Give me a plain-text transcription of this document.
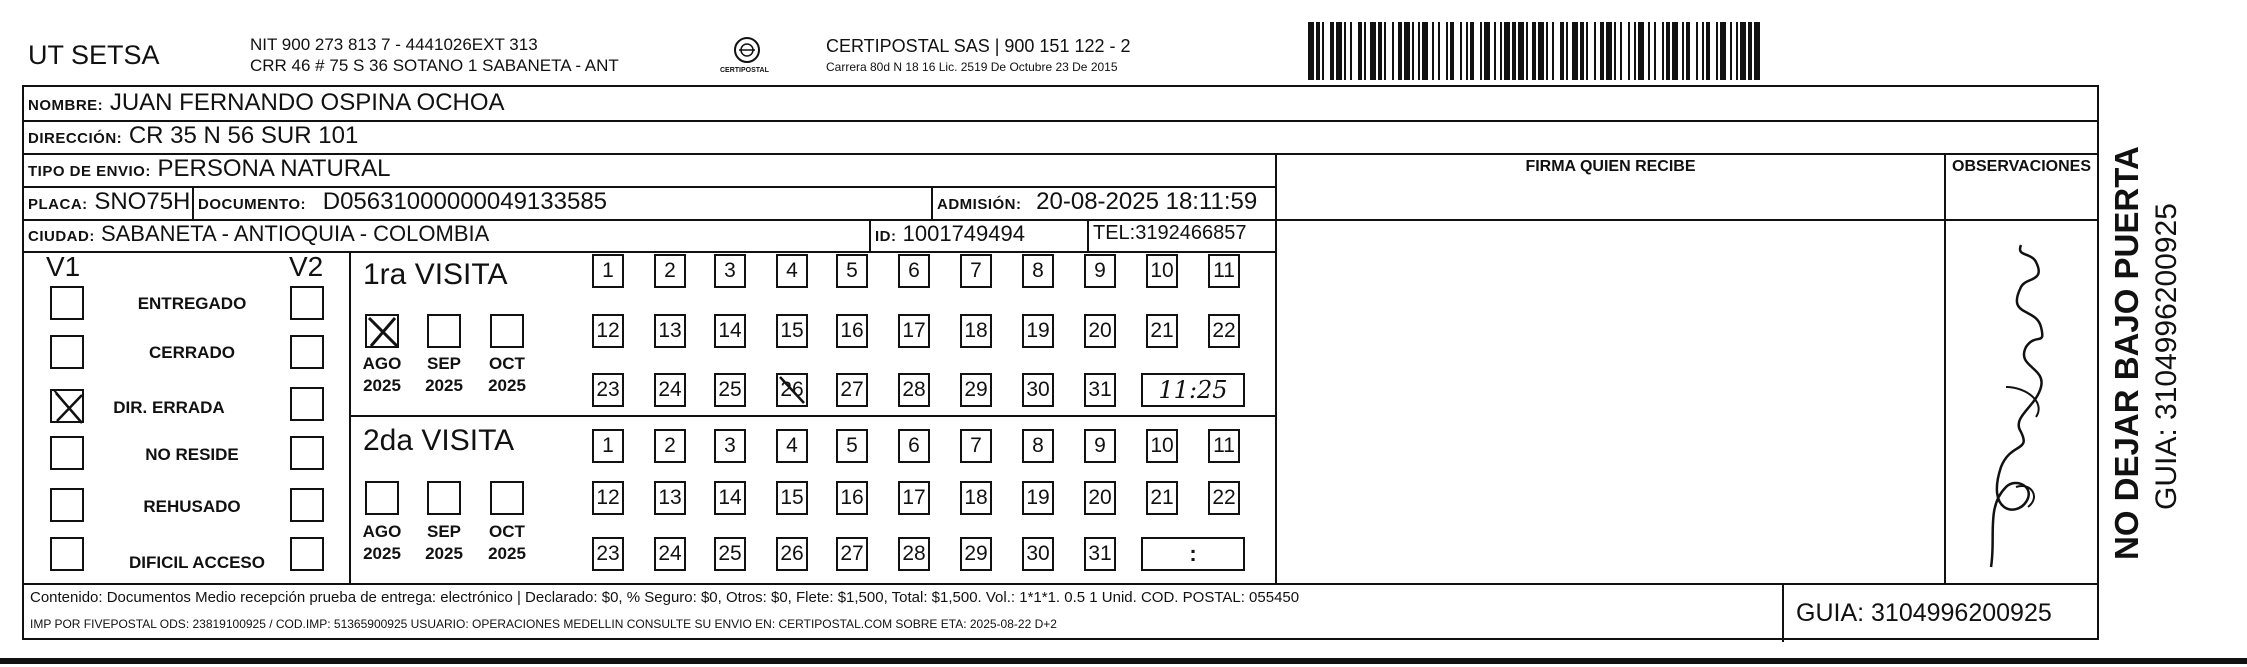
UT SETSA	NIT 900 273 813 7 - 4441026EXT 313
CRR 46 # 75 S 36 SOTANO 1 SABANETA - ANT	CERTIPOSTAL
CERTIPOSTAL SAS | 900 151 122 - 2
Carrera 80d N 18 16 Lic. 2519 De Octubre 23 De 2015
NOMBRE: JUAN FERNANDO OSPINA OCHOA
DIRECCIÓN: CR 35 N 56 SUR 101
TIPO DE ENVIO: PERSONA NATURAL
PLACA: SNO75H DOCUMENTO: D0563100000004913358​5	ADMISIÓN: 20-08-2025 18:11:59
CIUDAD: SABANETA - ANTIOQUIA - COLOMBIA	ID: 1001749494	TEL:3192466857
FIRMA QUIEN RECIBE	OBSERVACIONES
V1	V2
ENTREGADO
CERRADO
DIR. ERRADA
NO RESIDE
REHUSADO
DIFICIL ACCESO
1ra VISITA
AGO SEP OCT
2025 2025 2025
2da VISITA
AGO SEP OCT
2025 2025 2025
1	2	3	4	5	6	7	8	9	10 11
12 13 14 15 16 17 18 19 20 21 22
23 24 25 26 27 28 29 30 31
1	2	3	4	5	6	7	8	9	10 11
12 13 14 15 16 17 18 19 20 21 22
23 24 25 26 27 28 29 30 31
11:25
:
Contenido: Documentos Medio recepción prueba de entrega: electrónico | Declarado: $0, % Seguro: $0, Otros: $0, Flete: $1,500, Total: $1,500. Vol.: 1*1*1. 0.5 1 Unid. COD. POSTAL: 055450
IMP POR FIVEPOSTAL ODS: 23819100925 / COD.IMP: 51365900925 USUARIO: OPERACIONES MEDELLIN CONSULTE SU ENVIO EN: CERTIPOSTAL.COM SOBRE ETA: 2025-08-22 D+2	GUIA: 3104996200925
NO DEJAR BAJO PUERTA GUIA: 3104996200925
